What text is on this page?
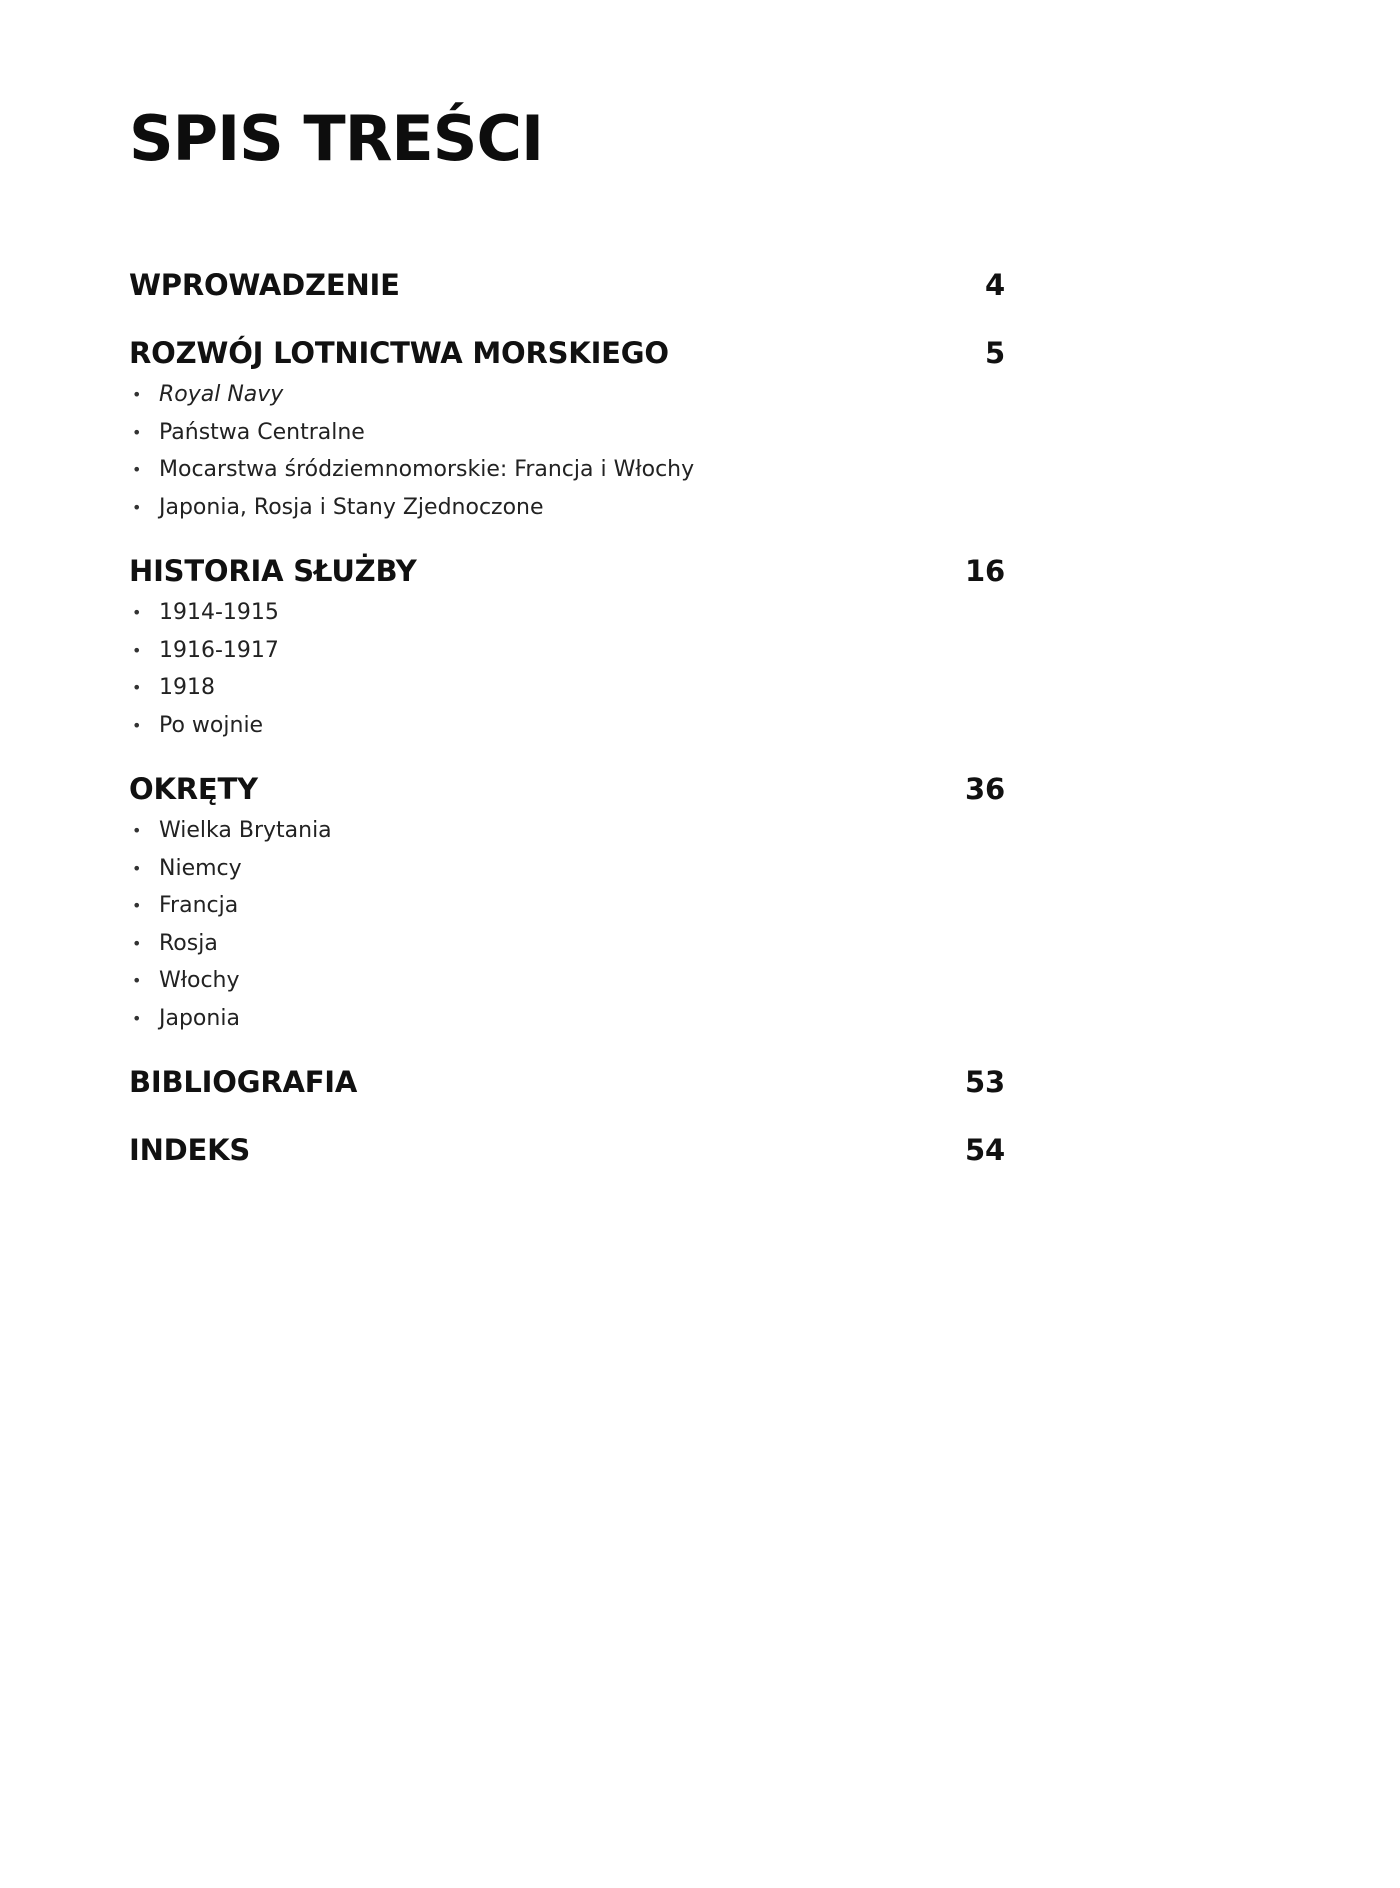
SPIS TREŚCI
WPROWADZENIE	4
ROZWÓJ LOTNICTWA MORSKIEGO	5
• Royal Navy
• Państwa Centralne
• Mocarstwa śródziemnomorskie: Francja i Włochy
• Japonia, Rosja i Stany Zjednoczone
HISTORIA SŁUŻBY	16
• 1914-1915
• 1916-1917
• 1918
• Po wojnie
OKRĘTY	36
• Wielka Brytania
• Niemcy
• Francja
• Rosja
• Włochy
• Japonia
BIBLIOGRAFIA	53
INDEKS	54
